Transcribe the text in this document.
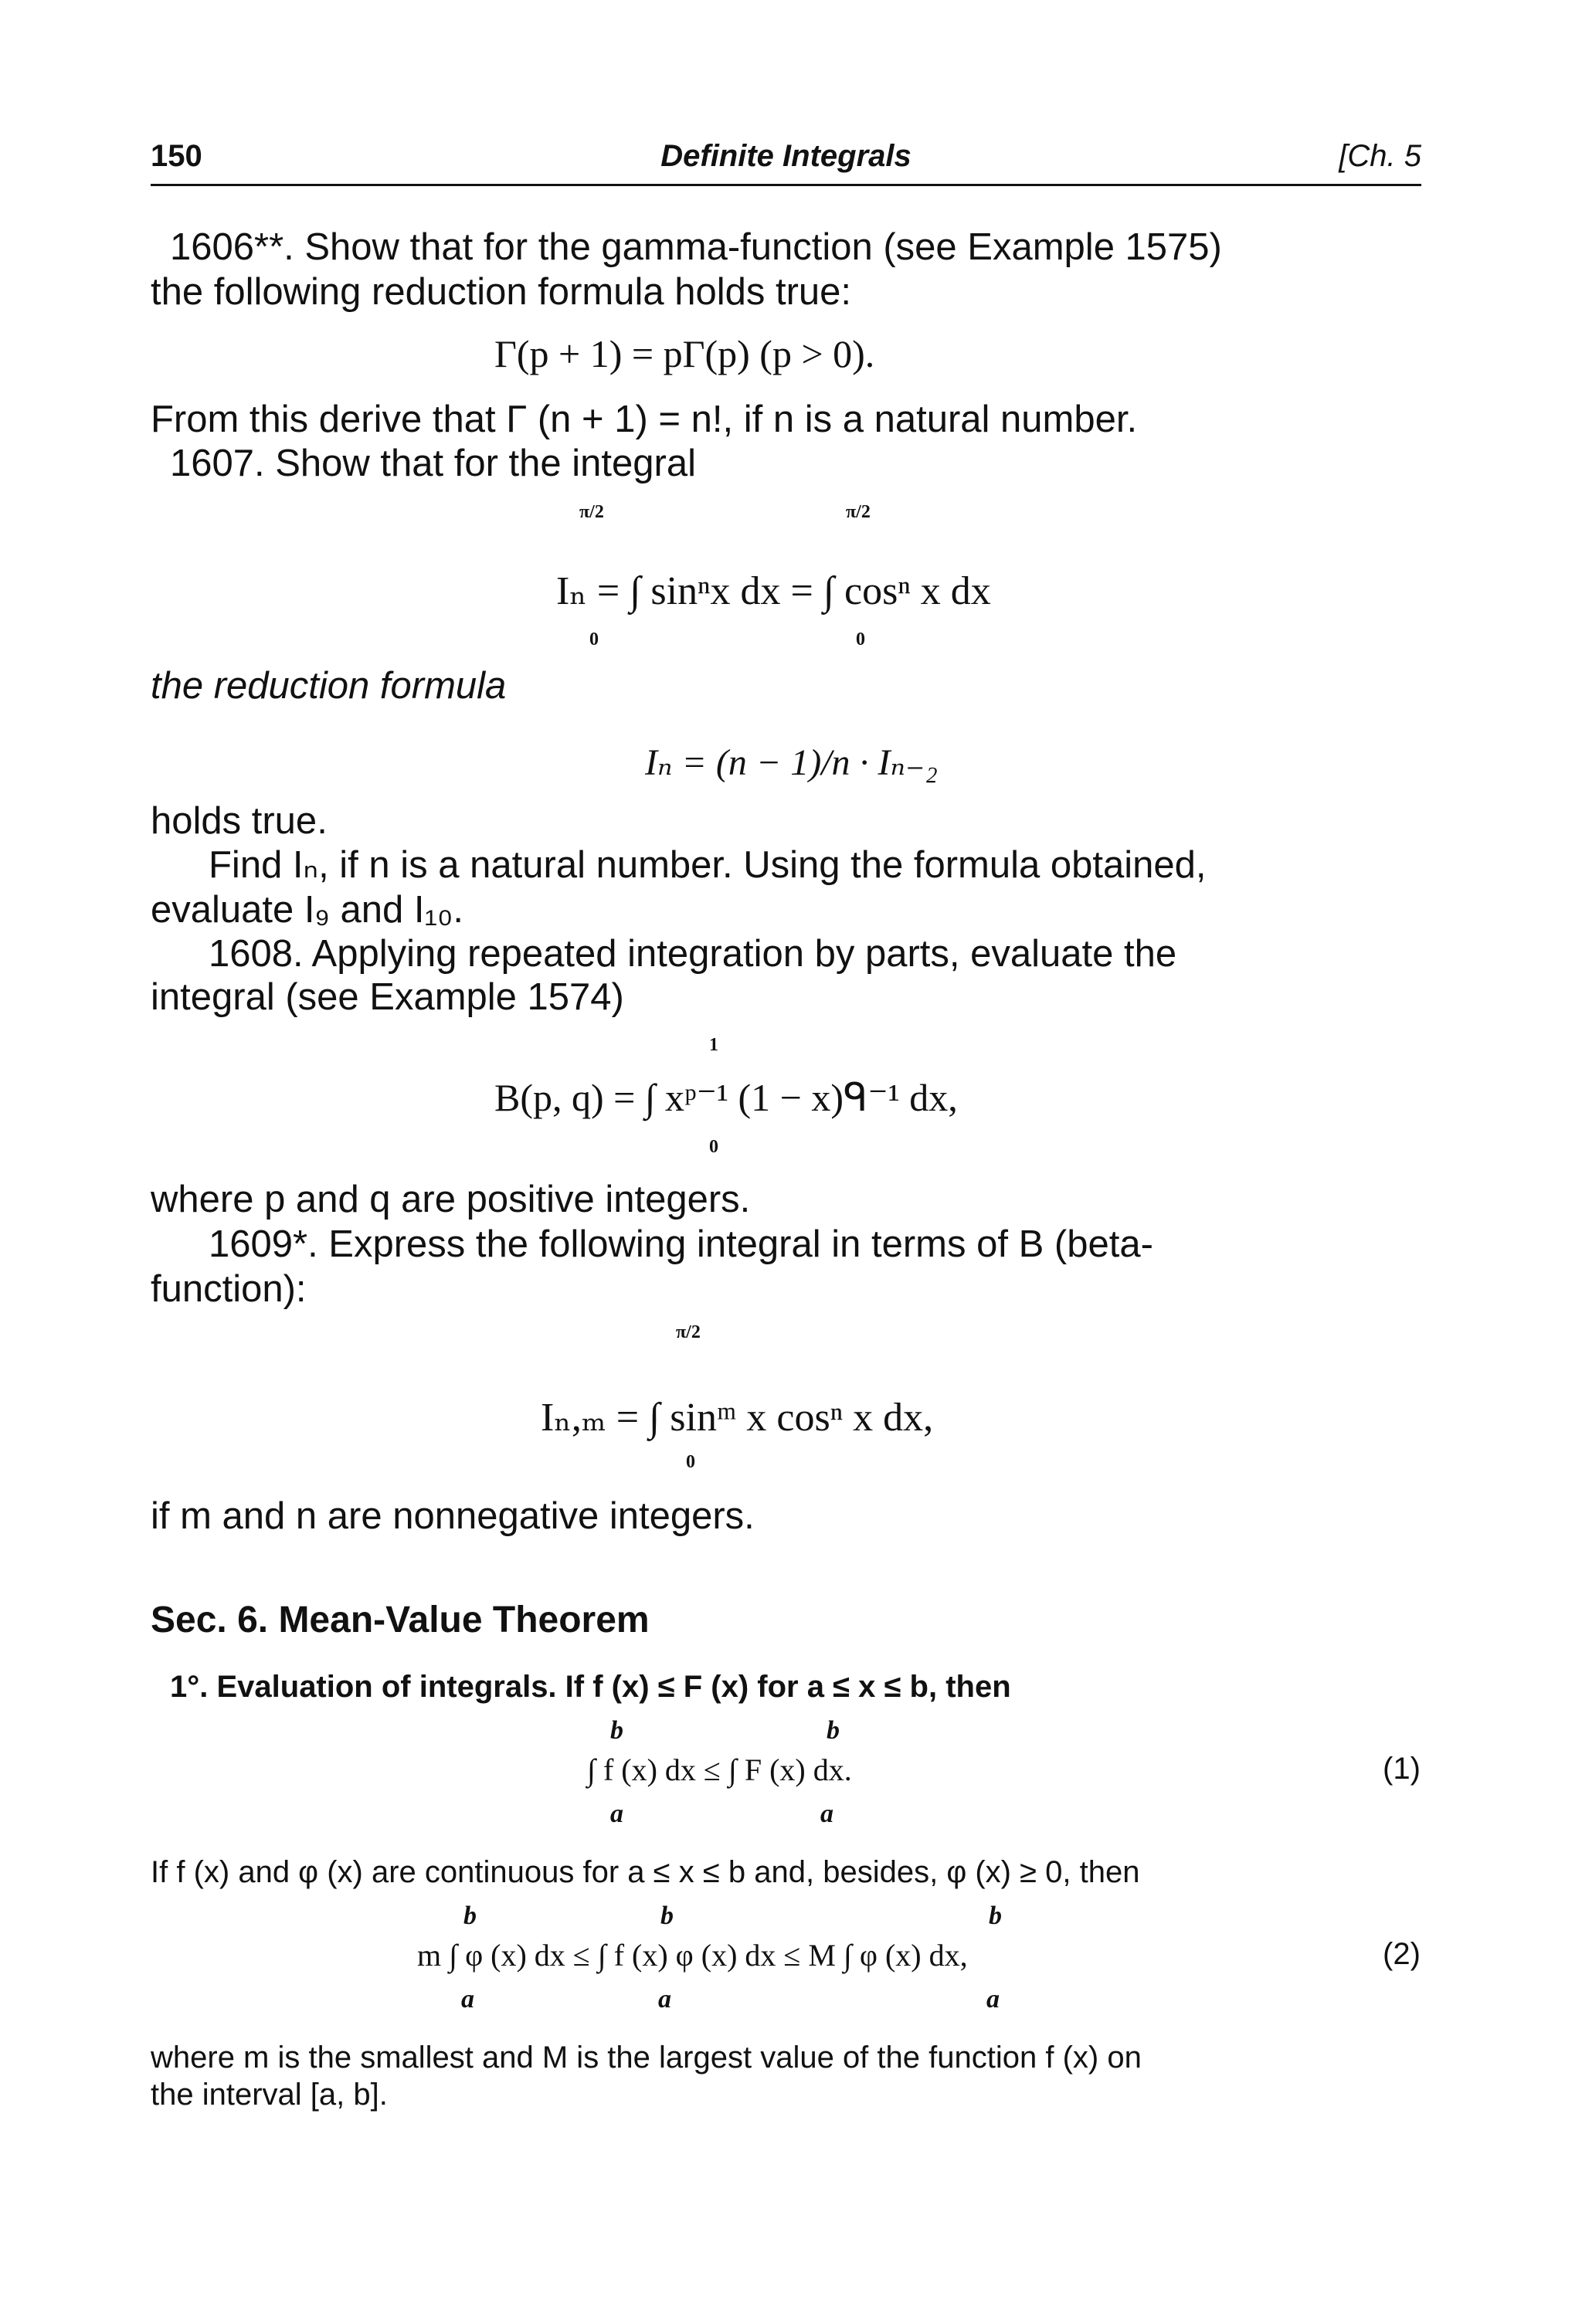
150	Definite Integrals	[Ch. 5
1606**. Show that for the gamma-function (see Example 1575)
the following reduction formula holds true:
Γ(p + 1) = pΓ(p) (p > 0).
From this derive that Γ (n + 1) = n!, if n is a natural number.
1607. Show that for the integral
π/2	π/2
Iₙ = ∫ sinⁿx dx = ∫ cosⁿ x dx
0	0
the reduction formula
Iₙ = (n − 1)/n · Iₙ₋₂
holds true.
Find Iₙ, if n is a natural number. Using the formula obtained,
evaluate I₉ and I₁₀.
1608. Applying repeated integration by parts, evaluate the
integral (see Example 1574)
1
B(p, q) = ∫ xᵖ⁻¹ (1 − x)ᑫ⁻¹ dx,
0
where p and q are positive integers.
1609*. Express the following integral in terms of B (beta-
function):
π/2
Iₙ,ₘ = ∫ sinᵐ x cosⁿ x dx,
0
if m and n are nonnegative integers.
Sec. 6. Mean-Value Theorem
1°. Evaluation of integrals. If f (x) ≤ F (x) for a ≤ x ≤ b, then
b	b
∫ f (x) dx ≤ ∫ F (x) dx.
a	a
(1)
If f (x) and φ (x) are continuous for a ≤ x ≤ b and, besides, φ (x) ≥ 0, then
b	b	b
m ∫ φ (x) dx ≤ ∫ f (x) φ (x) dx ≤ M ∫ φ (x) dx,
a	a	a
(2)
where m is the smallest and M is the largest value of the function f (x) on
the interval [a, b].
